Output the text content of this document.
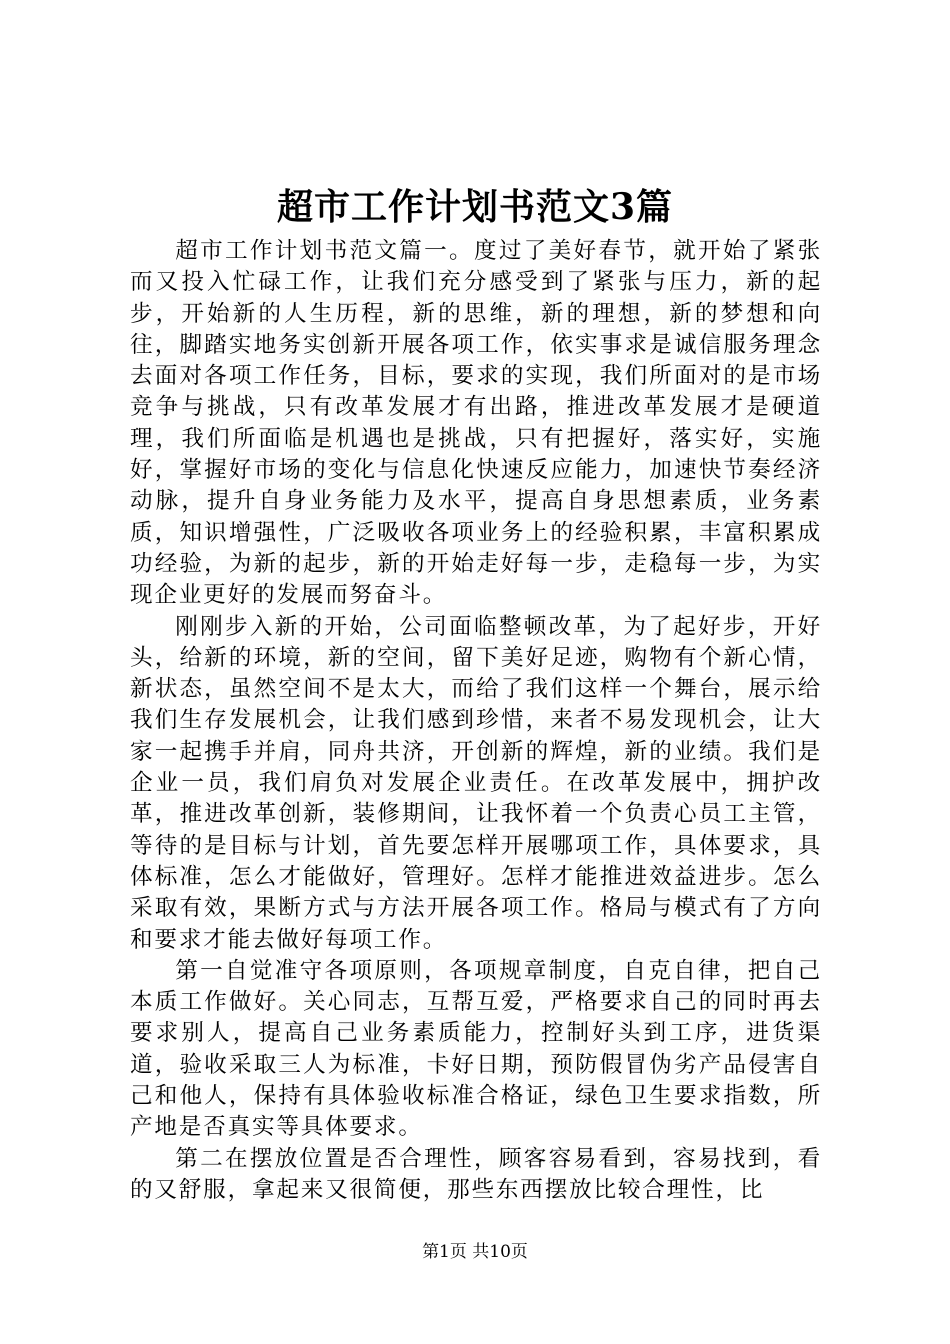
超市工作计划书范文3篇

超市工作计划书范文篇一。度过了美好春节，就开始了紧张而又投入忙碌工作，让我们充分感受到了紧张与压力，新的起步，开始新的人生历程，新的思维，新的理想，新的梦想和向往，脚踏实地务实创新开展各项工作，依实事求是诚信服务理念去面对各项工作任务，目标，要求的实现，我们所面对的是市场竞争与挑战，只有改革发展才有出路，推进改革发展才是硬道理，我们所面临是机遇也是挑战，只有把握好，落实好，实施好，掌握好市场的变化与信息化快速反应能力，加速快节奏经济动脉，提升自身业务能力及水平，提高自身思想素质，业务素质，知识增强性，广泛吸收各项业务上的经验积累，丰富积累成功经验，为新的起步，新的开始走好每一步，走稳每一步，为实现企业更好的发展而努奋斗。

刚刚步入新的开始，公司面临整顿改革，为了起好步，开好头，给新的环境，新的空间，留下美好足迹，购物有个新心情，新状态，虽然空间不是太大，而给了我们这样一个舞台，展示给我们生存发展机会，让我们感到珍惜，来者不易发现机会，让大家一起携手并肩，同舟共济，开创新的辉煌，新的业绩。我们是企业一员，我们肩负对发展企业责任。在改革发展中，拥护改革，推进改革创新，装修期间，让我怀着一个负责心员工主管，等待的是目标与计划，首先要怎样开展哪项工作，具体要求，具体标准，怎么才能做好，管理好。怎样才能推进效益进步。怎么采取有效，果断方式与方法开展各项工作。格局与模式有了方向和要求才能去做好每项工作。

第一自觉准守各项原则，各项规章制度，自克自律，把自己本质工作做好。关心同志，互帮互爱，严格要求自己的同时再去要求别人，提高自己业务素质能力，控制好头到工序，进货渠道，验收采取三人为标准，卡好日期，预防假冒伪劣产品侵害自己和他人，保持有具体验收标准合格证，绿色卫生要求指数，所产地是否真实等具体要求。

第二在摆放位置是否合理性，顾客容易看到，容易找到，看的又舒服，拿起来又很简便，那些东西摆放比较合理性，比

第1页 共10页
